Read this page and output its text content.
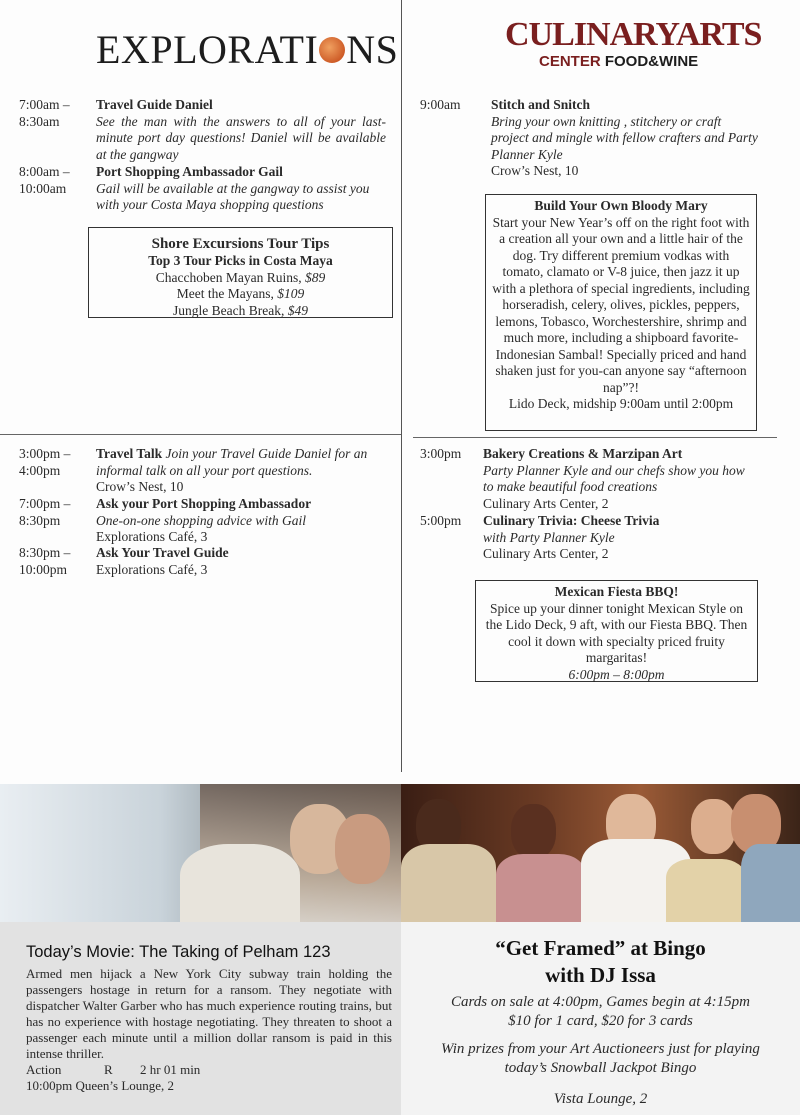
EXPLORATI NS	CULINARYARTS
CENTER FOOD&WINE
7:00am –
8:30am
Travel Guide Daniel
See the man with the answers to all of your last-minute port day questions! Daniel will be available at the gangway
8:00am –
10:00am
Port Shopping Ambassador Gail
Gail will be available at the gangway to assist you with your Costa Maya shopping questions
Shore Excursions Tour Tips
Top 3 Tour Picks in Costa Maya
Chacchoben Mayan Ruins, $89
Meet the Mayans, $109
Jungle Beach Break, $49
3:00pm –
4:00pm
Travel Talk Join your Travel Guide Daniel for an informal talk on all your port questions.
Crow’s Nest, 10
7:00pm –
8:30pm
Ask your Port Shopping Ambassador
One-on-one shopping advice with Gail
Explorations Café, 3
8:30pm –
10:00pm
Ask Your Travel Guide
Explorations Café, 3
9:00am Stitch and Snitch
Bring your own knitting , stitchery or craft project and mingle with fellow crafters and Party Planner Kyle
Crow’s Nest, 10
Build Your Own Bloody Mary
Start your New Year’s off on the right foot with a creation all your own and a little hair of the dog. Try different premium vodkas with tomato, clamato or V-8 juice, then jazz it up with a plethora of special ingredients, including horseradish, celery, olives, pickles, peppers, lemons, Tobasco, Worchestershire, shrimp and much more, including a shipboard favorite-Indonesian Sambal! Specially priced and hand shaken just for you-can anyone say “afternoon nap”?!
Lido Deck, midship 9:00am until 2:00pm
3:00pm Bakery Creations & Marzipan Art
Party Planner Kyle and our chefs show you how to make beautiful food creations
Culinary Arts Center, 2
5:00pm Culinary Trivia: Cheese Trivia
with Party Planner Kyle
Culinary Arts Center, 2
Mexican Fiesta BBQ!
Spice up your dinner tonight Mexican Style on the Lido Deck, 9 aft, with our Fiesta BBQ. Then cool it down with specialty priced fruity margaritas!
6:00pm – 8:00pm
Today’s Movie: The Taking of Pelham 123
Armed men hijack a New York City subway train holding the passengers hostage in return for a ransom. They negotiate with dispatcher Walter Garber who has much experience routing trains, but has no experience with hostage negotiating. They threaten to shoot a passenger each minute until a million dollar ransom is paid in this intense thriller.
Action	R 2 hr 01 min
10:00pm Queen’s Lounge, 2
“Get Framed” at Bingo
with DJ Issa
Cards on sale at 4:00pm, Games begin at 4:15pm
$10 for 1 card, $20 for 3 cards
Win prizes from your Art Auctioneers just for playing
today’s Snowball Jackpot Bingo
Vista Lounge, 2
